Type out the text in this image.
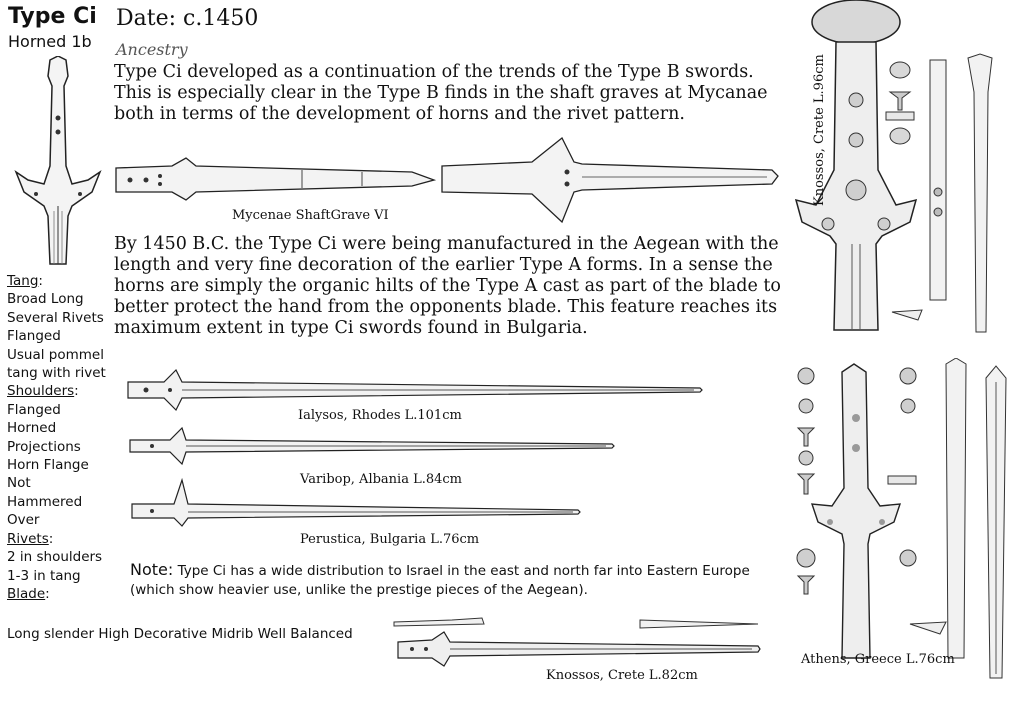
Type Ci
Horned 1b
Date: c.1450
Ancestry
Type Ci developed as a continuation of the trends of the Type B swords. This is especially clear in the Type B finds in the shaft graves at Mycanae both in terms of the development of horns and the rivet pattern.
By 1450 B.C. the Type Ci were being manufactured in the Aegean with the length and very fine decoration of the earlier Type A forms. In a sense the horns are simply the organic hilts of the Type A cast as part of the blade to better protect the hand from the opponents blade. This feature reaches its maximum extent in type Ci swords found in Bulgaria.
Tang:
Broad Long
Several Rivets
Flanged
Usual pommel
tang with rivet
Shoulders:
Flanged
Horned
Projections
Horn Flange
Not
Hammered
Over
Rivets:
2 in shoulders
1-3 in tang
Blade:
Long slender High Decorative Midrib Well Balanced
Mycenae ShaftGrave VI
Ialysos, Rhodes L.101cm
Varibop, Albania L.84cm
Perustica, Bulgaria L.76cm
Note: Type Ci has a wide distribution to Israel in the east and north far into Eastern Europe (which show heavier use, unlike the prestige pieces of the Aegean).
Knossos, Crete L.82cm
Knossos, Crete L.96cm
Athens, Greece L.76cm
